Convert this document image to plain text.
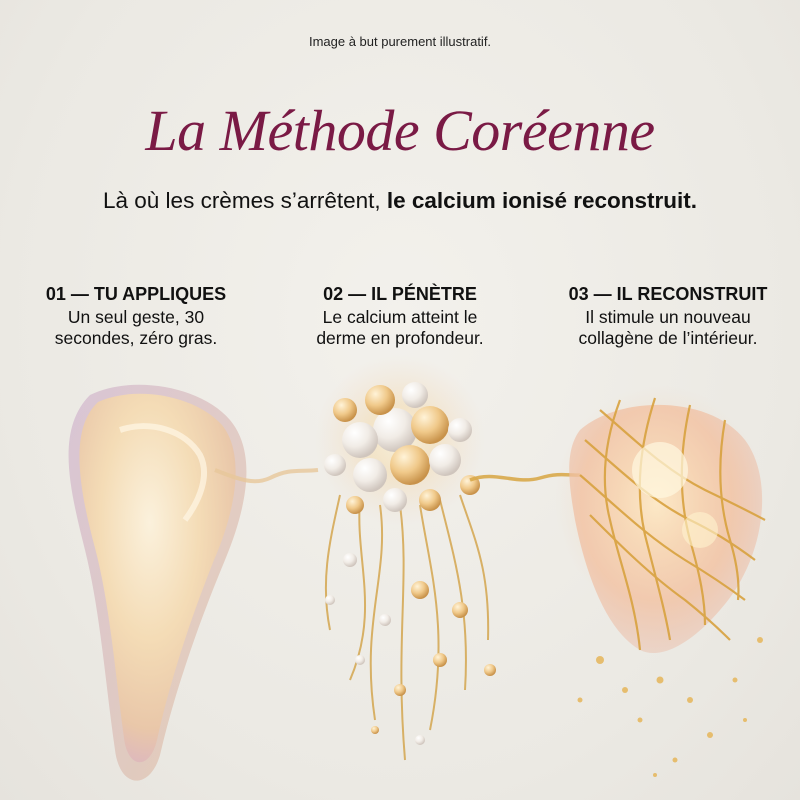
Image à but purement illustratif.
La Méthode Coréenne
Là où les crèmes s’arrêtent, le calcium ionisé reconstruit.
01 — TU APPLIQUES
Un seul geste, 30
secondes, zéro gras.
02 — IL PÉNÈTRE
Le calcium atteint le
derme en profondeur.
03 — IL RECONSTRUIT
Il stimule un nouveau
collagène de l’intérieur.
